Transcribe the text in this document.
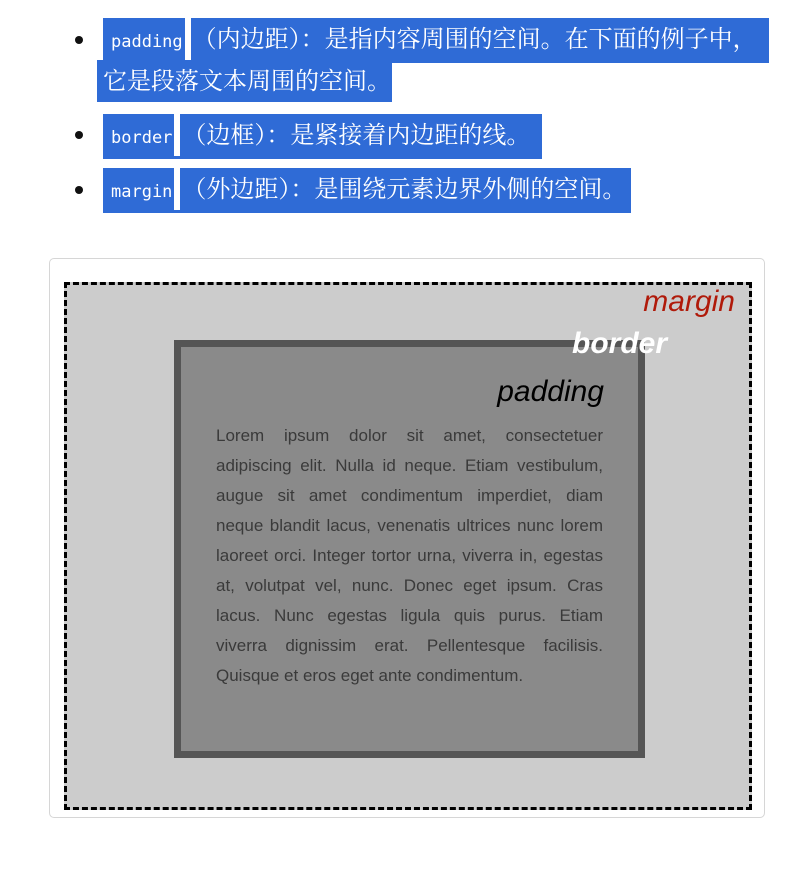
padding （内边距）：是指内容周围的空间。在下面的例子中，
它是段落文本周围的空间。
border （边框）：是紧接着内边距的线。
margin （外边距）：是围绕元素边界外侧的空间。
margin
padding
Lorem ipsum dolor sit amet, consectetuer adipiscing elit. Nulla id neque. Etiam vestibulum, augue sit amet condimentum imperdiet, diam neque blandit lacus, venenatis ultrices nunc lorem laoreet orci. Integer tortor urna, viverra in, egestas at, volutpat vel, nunc. Donec eget ipsum. Cras lacus. Nunc egestas ligula quis purus. Etiam viverra dignissim erat. Pellentesque facilisis. Quisque et eros eget ante condimentum.
border
